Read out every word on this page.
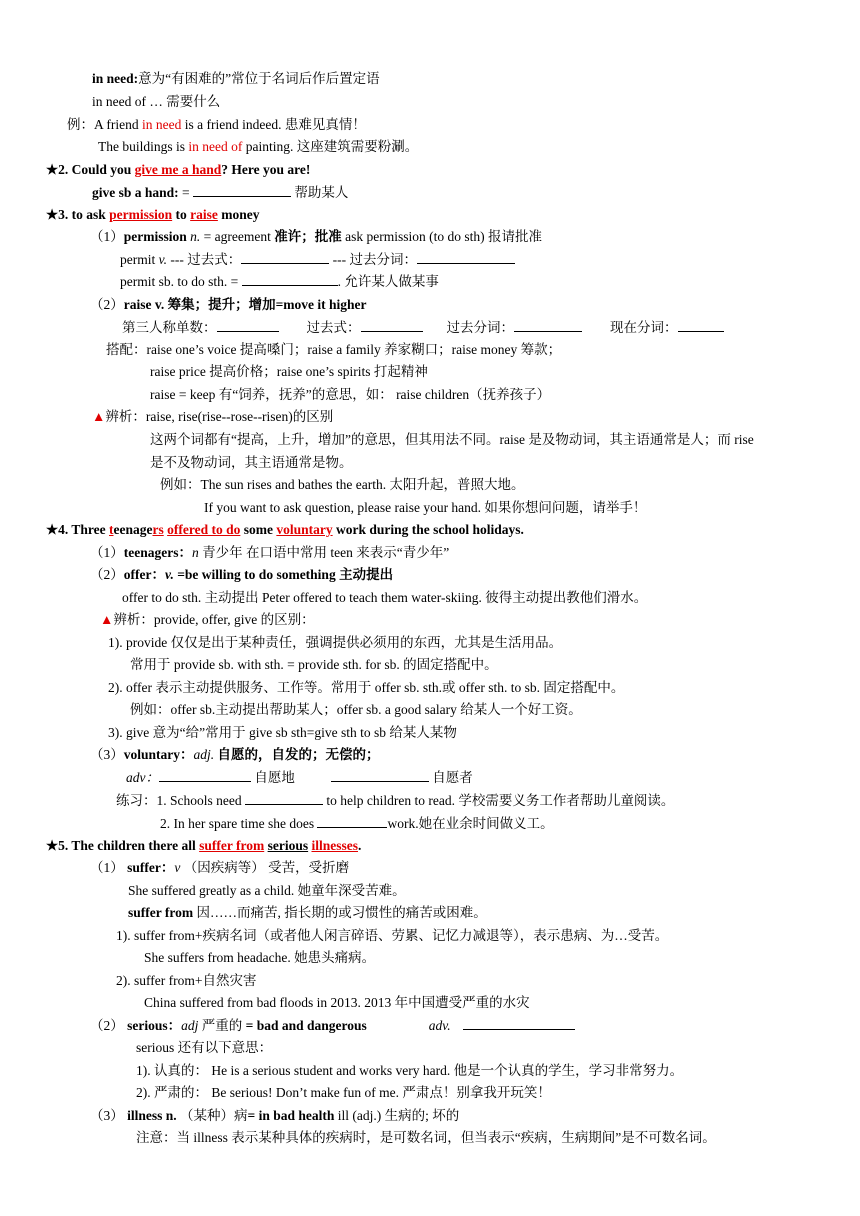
in need:意为“有困难的”常位于名词后作后置定语
in need of … 需要什么
例：A friend in need is a friend indeed. 患难见真情！
The buildings is in need of painting. 这座建筑需要粉涮。
★2. Could you give me a hand? Here you are!
give sb a hand: =	帮助某人
★3. to ask permission to raise money
（1）permission n. = agreement 准许；批准 ask permission (to do sth) 报请批准
permit v. --- 过去式：	--- 过去分词：
permit sb. to do sth. =	. 允许某人做某事
（2）raise v. 筹集；提升；增加=move it higher
第三人称单数：	过去式：	过去分词：	现在分词：
搭配：raise one’s voice 提高嗓门；raise a family 养家糊口；raise money 筹款；
raise price 提高价格；raise one’s spirits 打起精神
raise = keep 有“饲养，抚养”的意思，如： raise children（抚养孩子）
▲辨析：raise, rise(rise--rose--risen)的区别
这两个词都有“提高，上升，增加”的意思，但其用法不同。raise 是及物动词，其主语通常是人；而 rise
是不及物动词，其主语通常是物。
例如：The sun rises and bathes the earth. 太阳升起，普照大地。
If you want to ask question, please raise your hand. 如果你想问问题，请举手！
★4. Three teenagers offered to do some voluntary work during the school holidays.
（1）teenagers：n 青少年 在口语中常用 teen 来表示“青少年”
（2）offer：v. =be willing to do something 主动提出
offer to do sth. 主动提出 Peter offered to teach them water-skiing. 彼得主动提出教他们滑水。
▲辨析：provide, offer, give 的区别：
1). provide 仅仅是出于某种责任，强调提供必须用的东西，尤其是生活用品。
常用于 provide sb. with sth. = provide sth. for sb. 的固定搭配中。
2). offer 表示主动提供服务、工作等。常用于 offer sb. sth.或 offer sth. to sb. 固定搭配中。
例如：offer sb.主动提出帮助某人；offer sb. a good salary 给某人一个好工资。
3). give 意为“给”常用于 give sb sth=give sth to sb 给某人某物
（3）voluntary：adj. 自愿的，自发的；无偿的；
adv：	自愿地	自愿者
练习：1. Schools need	to help children to read. 学校需要义务工作者帮助儿童阅读。
2. In her spare time she does	work.她在业余时间做义工。
★5. The children there all suffer from serious illnesses.
（1） suffer：v （因疾病等） 受苦，受折磨
She suffered greatly as a child. 她童年深受苦难。
suffer from 因……而痛苦, 指长期的或习惯性的痛苦或困难。
1). suffer from+疾病名词（或者他人闲言碎语、劳累、记忆力减退等），表示患病、为…受苦。
She suffers from headache. 她患头痛病。
2). suffer from+自然灾害
China suffered from bad floods in 2013. 2013 年中国遭受严重的水灾
（2） serious：adj 严重的 = bad and dangerous	adv.
serious 还有以下意思：
1). 认真的： He is a serious student and works very hard. 他是一个认真的学生，学习非常努力。
2). 严肃的： Be serious! Don’t make fun of me. 严肃点！别拿我开玩笑！
（3） illness n. （某种）病= in bad health ill (adj.) 生病的; 坏的
注意：当 illness 表示某种具体的疾病时，是可数名词，但当表示“疾病，生病期间”是不可数名词。
